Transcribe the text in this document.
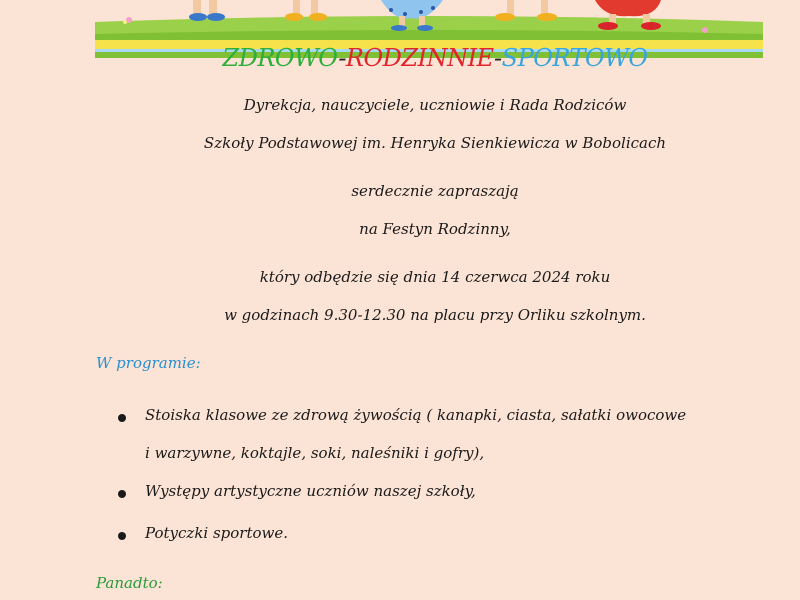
ZDROWO-RODZINNIE-SPORTOWO
Dyrekcja, nauczyciele, uczniowie i Rada Rodziców
Szkoły Podstawowej im. Henryka Sienkiewicza w Bobolicach
serdecznie zapraszają
na Festyn Rodzinny,
który odbędzie się dnia 14 czerwca 2024 roku
w godzinach 9.30-12.30 na placu przy Orliku szkolnym.
W programie:
Stoiska klasowe ze zdrową żywością ( kanapki, ciasta, sałatki owocowe
i warzywne, koktajle, soki, naleśniki i gofry),
Występy artystyczne uczniów naszej szkoły,
Potyczki sportowe.
Panadto:
